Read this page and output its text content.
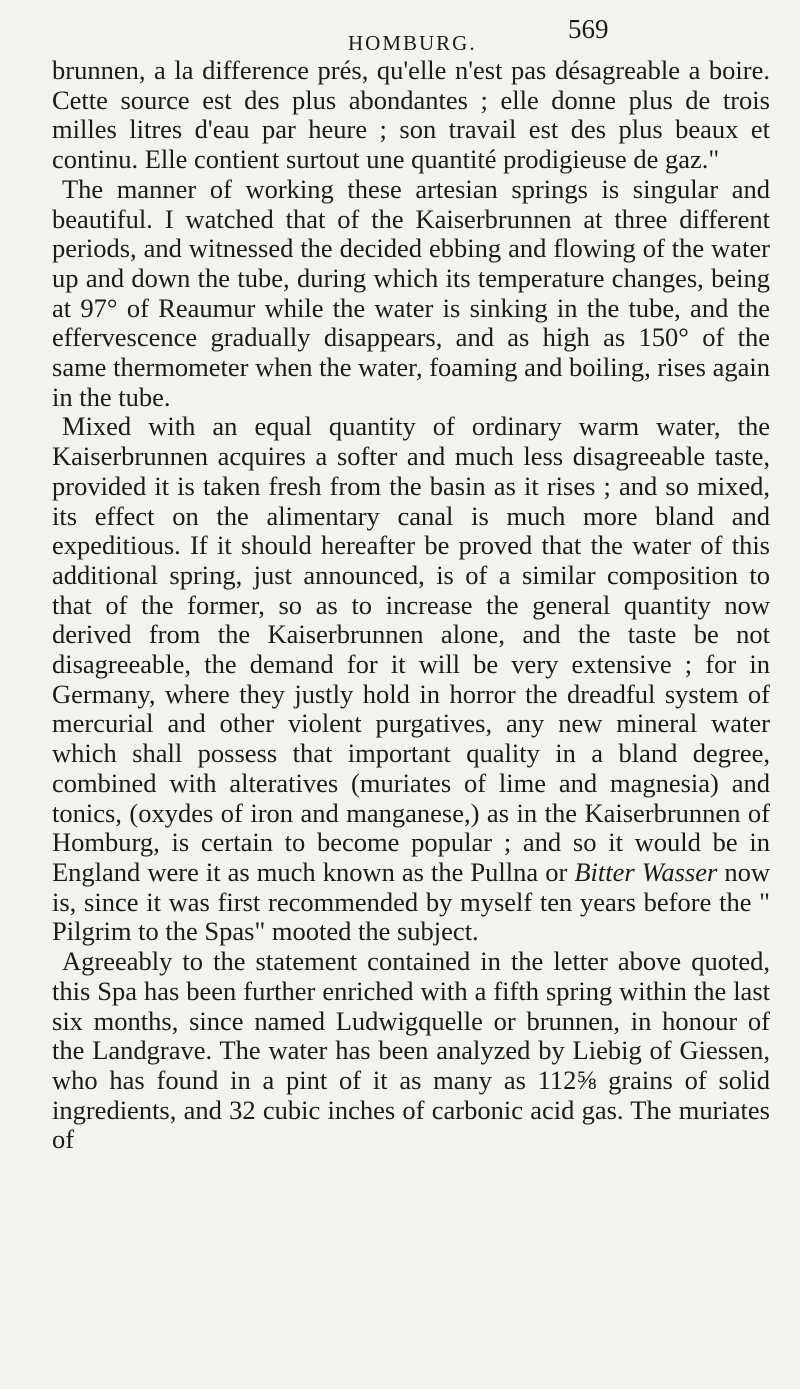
HOMBURG.	569

brunnen, a la difference prés, qu'elle n'est pas désagreable a boire. Cette source est des plus abondantes ; elle donne plus de trois milles litres d'eau par heure ; son travail est des plus beaux et continu. Elle contient surtout une quantité prodigieuse de gaz."

The manner of working these artesian springs is singular and beautiful. I watched that of the Kaiserbrunnen at three different periods, and witnessed the decided ebbing and flowing of the water up and down the tube, during which its temperature changes, being at 97° of Reaumur while the water is sinking in the tube, and the effervescence gradually disappears, and as high as 150° of the same thermometer when the water, foaming and boiling, rises again in the tube.

Mixed with an equal quantity of ordinary warm water, the Kaiserbrunnen acquires a softer and much less disagreeable taste, provided it is taken fresh from the basin as it rises ; and so mixed, its effect on the alimentary canal is much more bland and expeditious. If it should hereafter be proved that the water of this additional spring, just announced, is of a similar composition to that of the former, so as to increase the general quantity now derived from the Kaiserbrunnen alone, and the taste be not disagreeable, the demand for it will be very extensive ; for in Germany, where they justly hold in horror the dreadful system of mercurial and other violent purgatives, any new mineral water which shall possess that important quality in a bland degree, combined with alteratives (muriates of lime and magnesia) and tonics, (oxydes of iron and manganese,) as in the Kaiserbrunnen of Homburg, is certain to become popular ; and so it would be in England were it as much known as the Pullna or Bitter Wasser now is, since it was first recommended by myself ten years before the " Pilgrim to the Spas" mooted the subject.

Agreeably to the statement contained in the letter above quoted, this Spa has been further enriched with a fifth spring within the last six months, since named Ludwigquelle or brunnen, in honour of the Landgrave. The water has been analyzed by Liebig of Giessen, who has found in a pint of it as many as 112⅝ grains of solid ingredients, and 32 cubic inches of carbonic acid gas. The muriates of
